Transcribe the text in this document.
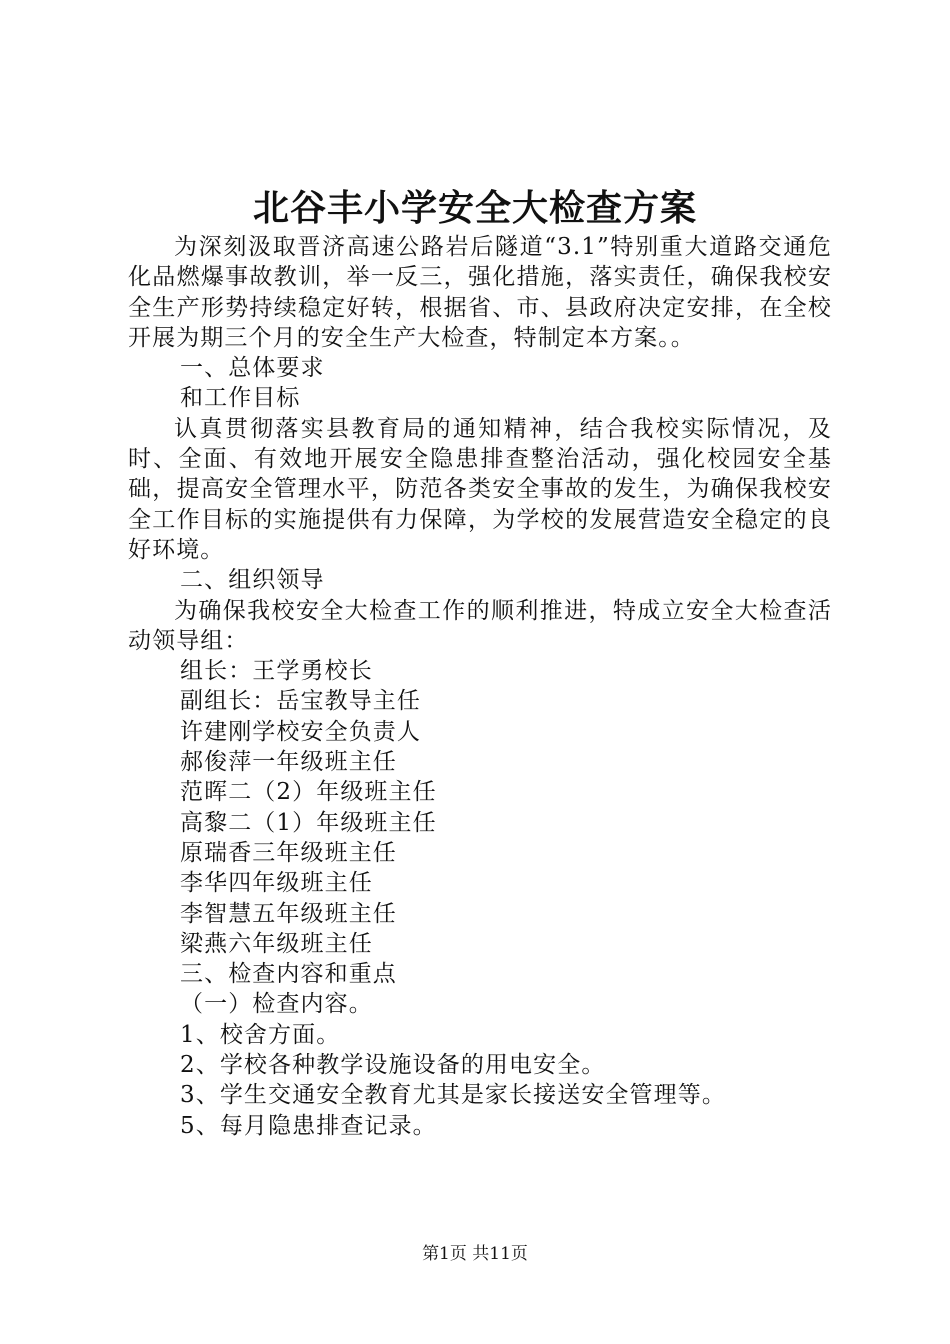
北谷丰小学安全大检查方案

为深刻汲取晋济高速公路岩后隧道“3.1”特别重大道路交通危化品燃爆事故教训，举一反三，强化措施，落实责任，确保我校安全生产形势持续稳定好转，根据省、市、县政府决定安排，在全校开展为期三个月的安全生产大检查，特制定本方案。。

一、总体要求

和工作目标

认真贯彻落实县教育局的通知精神，结合我校实际情况，及时、全面、有效地开展安全隐患排查整治活动，强化校园安全基础，提高安全管理水平，防范各类安全事故的发生，为确保我校安全工作目标的实施提供有力保障，为学校的发展营造安全稳定的良好环境。

二、组织领导

为确保我校安全大检查工作的顺利推进，特成立安全大检查活动领导组：

组长：王学勇校长

副组长：岳宝教导主任

许建刚学校安全负责人

郝俊萍一年级班主任

范晖二（2）年级班主任

高黎二（1）年级班主任

原瑞香三年级班主任

李华四年级班主任

李智慧五年级班主任

梁燕六年级班主任

三、检查内容和重点

（一）检查内容。

1、校舍方面。

2、学校各种教学设施设备的用电安全。

3、学生交通安全教育尤其是家长接送安全管理等。

5、每月隐患排查记录。

第1页 共11页
